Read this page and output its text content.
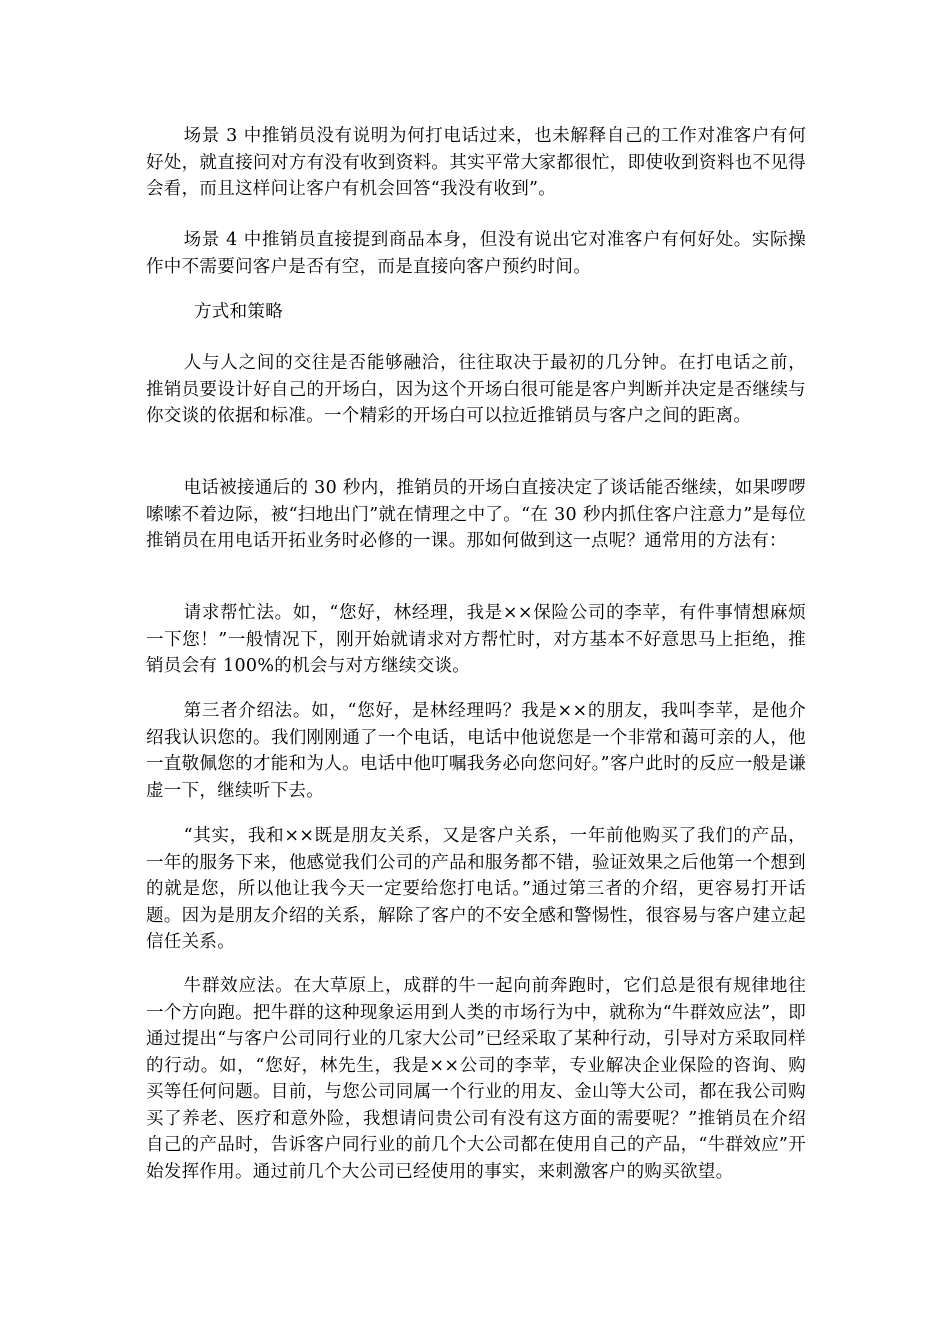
场景 3 中推销员没有说明为何打电话过来，也未解释自己的工作对准客户有何好处，就直接问对方有没有收到资料。其实平常大家都很忙，即使收到资料也不见得会看，而且这样问让客户有机会回答“我没有收到”。

场景 4 中推销员直接提到商品本身，但没有说出它对准客户有何好处。实际操作中不需要问客户是否有空，而是直接向客户预约时间。

方式和策略

人与人之间的交往是否能够融洽，往往取决于最初的几分钟。在打电话之前，推销员要设计好自己的开场白，因为这个开场白很可能是客户判断并决定是否继续与你交谈的依据和标准。一个精彩的开场白可以拉近推销员与客户之间的距离。

电话被接通后的 30 秒内，推销员的开场白直接决定了谈话能否继续，如果啰啰嗦嗦不着边际，被“扫地出门”就在情理之中了。“在 30 秒内抓住客户注意力”是每位推销员在用电话开拓业务时必修的一课。那如何做到这一点呢？通常用的方法有：

请求帮忙法。如，“您好，林经理，我是××保险公司的李苹，有件事情想麻烦一下您！”一般情况下，刚开始就请求对方帮忙时，对方基本不好意思马上拒绝，推销员会有 100%的机会与对方继续交谈。

第三者介绍法。如，“您好，是林经理吗？我是××的朋友，我叫李苹，是他介绍我认识您的。我们刚刚通了一个电话，电话中他说您是一个非常和蔼可亲的人，他一直敬佩您的才能和为人。电话中他叮嘱我务必向您问好。”客户此时的反应一般是谦虚一下，继续听下去。

“其实，我和××既是朋友关系，又是客户关系，一年前他购买了我们的产品，一年的服务下来，他感觉我们公司的产品和服务都不错，验证效果之后他第一个想到的就是您，所以他让我今天一定要给您打电话。”通过第三者的介绍，更容易打开话题。因为是朋友介绍的关系，解除了客户的不安全感和警惕性，很容易与客户建立起信任关系。

牛群效应法。在大草原上，成群的牛一起向前奔跑时，它们总是很有规律地往一个方向跑。把牛群的这种现象运用到人类的市场行为中，就称为“牛群效应法”，即通过提出“与客户公司同行业的几家大公司”已经采取了某种行动，引导对方采取同样的行动。如，“您好，林先生，我是××公司的李苹，专业解决企业保险的咨询、购买等任何问题。目前，与您公司同属一个行业的用友、金山等大公司，都在我公司购买了养老、医疗和意外险，我想请问贵公司有没有这方面的需要呢？”推销员在介绍自己的产品时，告诉客户同行业的前几个大公司都在使用自己的产品，“牛群效应”开始发挥作用。通过前几个大公司已经使用的事实，来刺激客户的购买欲望。
